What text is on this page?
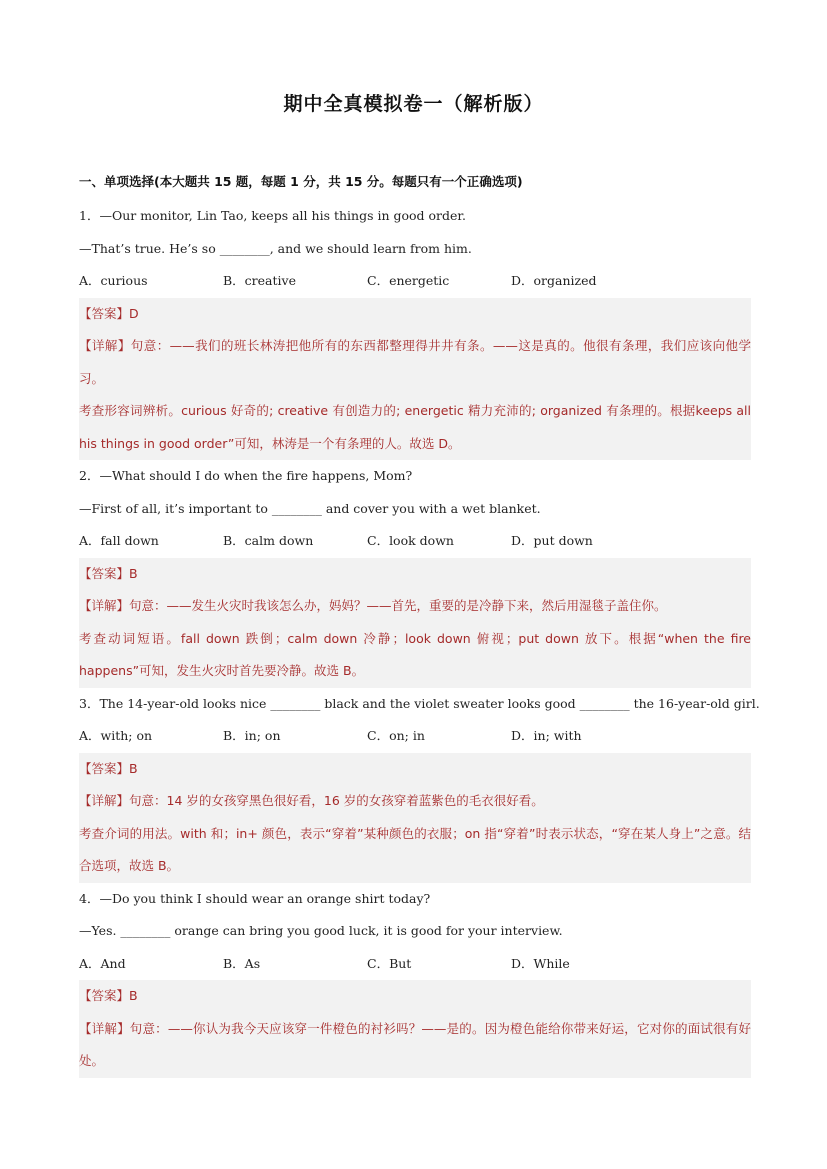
期中全真模拟卷一（解析版）
一、单项选择(本大题共 15 题，每题 1 分，共 15 分。每题只有一个正确选项)
1．—Our monitor, Lin Tao, keeps all his things in good order.
—That’s true. He’s so ________, and we should learn from him.
A．curious	B．creative	C．energetic	D．organized
【答案】D
【详解】句意：——我们的班长林涛把他所有的东西都整理得井井有条。——这是真的。他很有条理，我们应该向他学习。
考查形容词辨析。curious 好奇的; creative 有创造力的; energetic 精力充沛的; organized 有条理的。根据keeps all his things in good order”可知，林涛是一个有条理的人。故选 D。
2．—What should I do when the fire happens, Mom?
—First of all, it’s important to ________ and cover you with a wet blanket.
A．fall down	B．calm down	C．look down	D．put down
【答案】B
【详解】句意：——发生火灾时我该怎么办，妈妈？——首先，重要的是冷静下来，然后用湿毯子盖住你。
考查动词短语。fall down 跌倒；calm down 冷静；look down 俯视；put down 放下。根据“when the fire happens”可知，发生火灾时首先要冷静。故选 B。
3．The 14-year-old looks nice ________ black and the violet sweater looks good ________ the 16-year-old girl.
A．with; on	B．in; on	C．on; in	D．in; with
【答案】B
【详解】句意：14 岁的女孩穿黑色很好看，16 岁的女孩穿着蓝紫色的毛衣很好看。
考查介词的用法。with 和；in+ 颜色，表示“穿着”某种颜色的衣服；on 指“穿着”时表示状态，“穿在某人身上”之意。结合选项，故选 B。
4．—Do you think I should wear an orange shirt today?
—Yes. ________ orange can bring you good luck, it is good for your interview.
A．And	B．As	C．But	D．While
【答案】B
【详解】句意：——你认为我今天应该穿一件橙色的衬衫吗？——是的。因为橙色能给你带来好运，它对你的面试很有好处。
